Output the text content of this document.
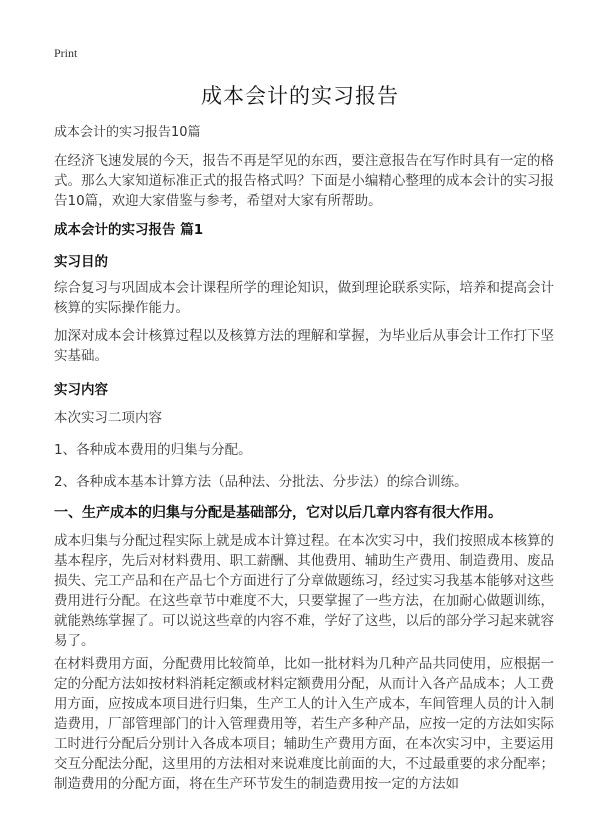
Print
成本会计的实习报告
成本会计的实习报告10篇

在经济飞速发展的今天，报告不再是罕见的东西，要注意报告在写作时具有一定的格式。那么大家知道标准正式的报告格式吗？下面是小编精心整理的成本会计的实习报告10篇，欢迎大家借鉴与参考，希望对大家有所帮助。

成本会计的实习报告 篇1
实习目的

综合复习与巩固成本会计课程所学的理论知识，做到理论联系实际，培养和提高会计核算的实际操作能力。

加深对成本会计核算过程以及核算方法的理解和掌握，为毕业后从事会计工作打下坚实基础。

实习内容
本次实习二项内容
1、各种成本费用的归集与分配。
2、各种成本基本计算方法（品种法、分批法、分步法）的综合训练。
一、生产成本的归集与分配是基础部分，它对以后几章内容有很大作用。

成本归集与分配过程实际上就是成本计算过程。在本次实习中，我们按照成本核算的基本程序，先后对材料费用、职工薪酬、其他费用、辅助生产费用、制造费用、废品损失、完工产品和在产品七个方面进行了分章做题练习，经过实习我基本能够对这些费用进行分配。在这些章节中难度不大，只要掌握了一些方法，在加耐心做题训练，就能熟练掌握了。可以说这些章的内容不难，学好了这些，以后的部分学习起来就容易了。

在材料费用方面，分配费用比较简单，比如一批材料为几种产品共同使用，应根据一定的分配方法如按材料消耗定额或材料定额费用分配，从而计入各产品成本；人工费用方面，应按成本项目进行归集，生产工人的计入生产成本，车间管理人员的计入制造费用，厂部管理部门的计入管理费用等，若生产多种产品，应按一定的方法如实际工时进行分配后分别计入各成本项目；辅助生产费用方面，在本次实习中，主要运用交互分配法分配，这里用的方法相对来说难度比前面的大，不过最重要的求分配率；制造费用的分配方面，将在生产环节发生的制造费用按一定的方法如
